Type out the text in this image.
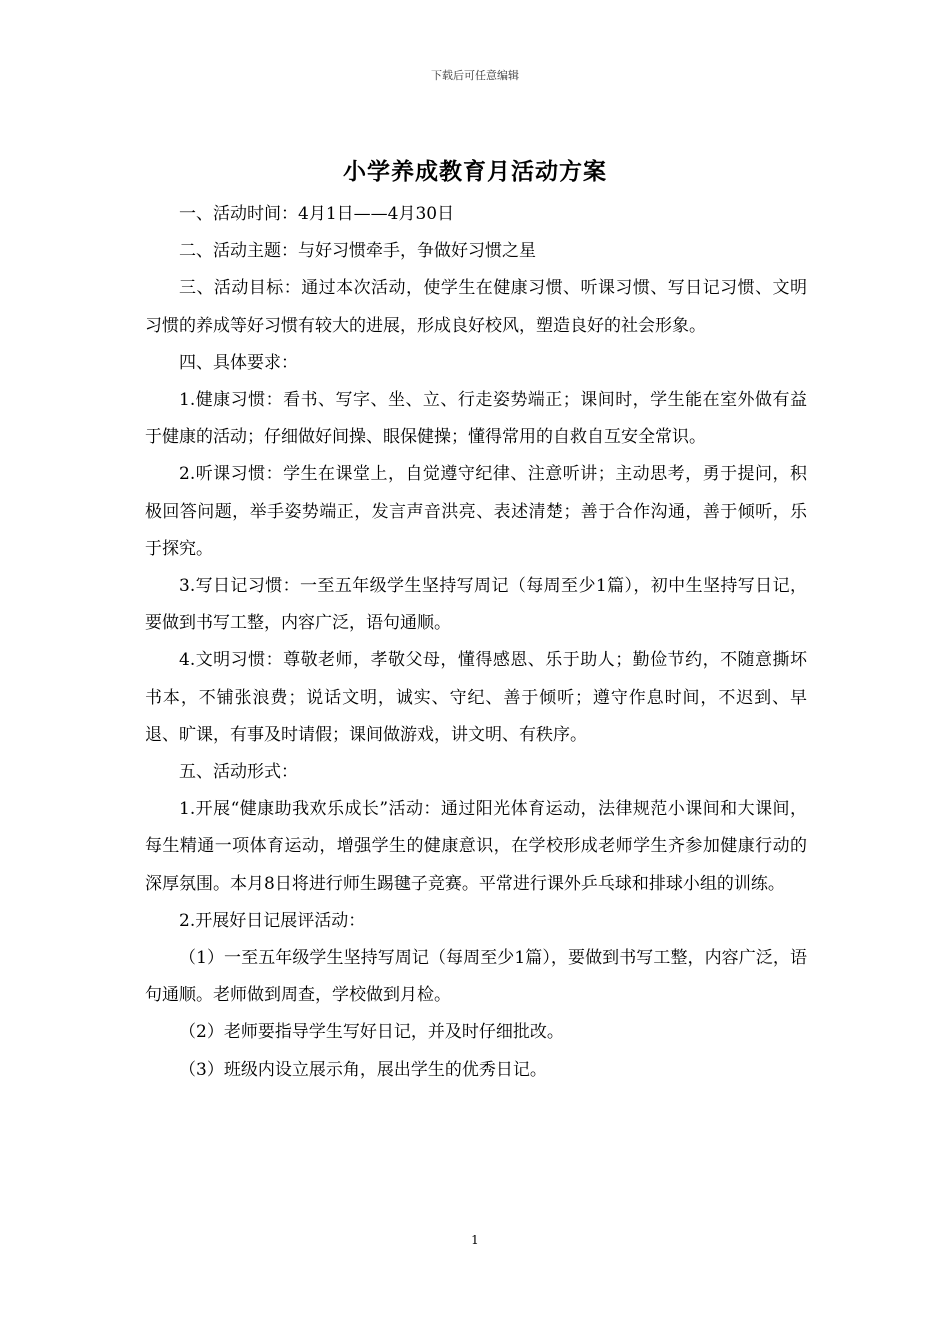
下载后可任意编辑
小学养成教育月活动方案

一、活动时间：4月1日——4月30日

二、活动主题：与好习惯牵手，争做好习惯之星

三、活动目标：通过本次活动，使学生在健康习惯、听课习惯、写日记习惯、文明习惯的养成等好习惯有较大的进展，形成良好校风，塑造良好的社会形象。

四、具体要求：

1.健康习惯：看书、写字、坐、立、行走姿势端正；课间时，学生能在室外做有益于健康的活动；仔细做好间操、眼保健操；懂得常用的自救自互安全常识。

2.听课习惯：学生在课堂上，自觉遵守纪律、注意听讲；主动思考，勇于提问，积极回答问题，举手姿势端正，发言声音洪亮、表述清楚；善于合作沟通，善于倾听，乐于探究。

3.写日记习惯：一至五年级学生坚持写周记（每周至少1篇），初中生坚持写日记，要做到书写工整，内容广泛，语句通顺。

4.文明习惯：尊敬老师，孝敬父母，懂得感恩、乐于助人；勤俭节约，不随意撕坏书本，不铺张浪费；说话文明，诚实、守纪、善于倾听；遵守作息时间，不迟到、早退、旷课，有事及时请假；课间做游戏，讲文明、有秩序。

五、活动形式：

1.开展“健康助我欢乐成长”活动：通过阳光体育运动，法律规范小课间和大课间，每生精通一项体育运动，增强学生的健康意识，在学校形成老师学生齐参加健康行动的深厚氛围。本月8日将进行师生踢毽子竞赛。平常进行课外乒乓球和排球小组的训练。

2.开展好日记展评活动：

（1）一至五年级学生坚持写周记（每周至少1篇），要做到书写工整，内容广泛，语句通顺。老师做到周查，学校做到月检。

（2）老师要指导学生写好日记，并及时仔细批改。

（3）班级内设立展示角，展出学生的优秀日记。

1
